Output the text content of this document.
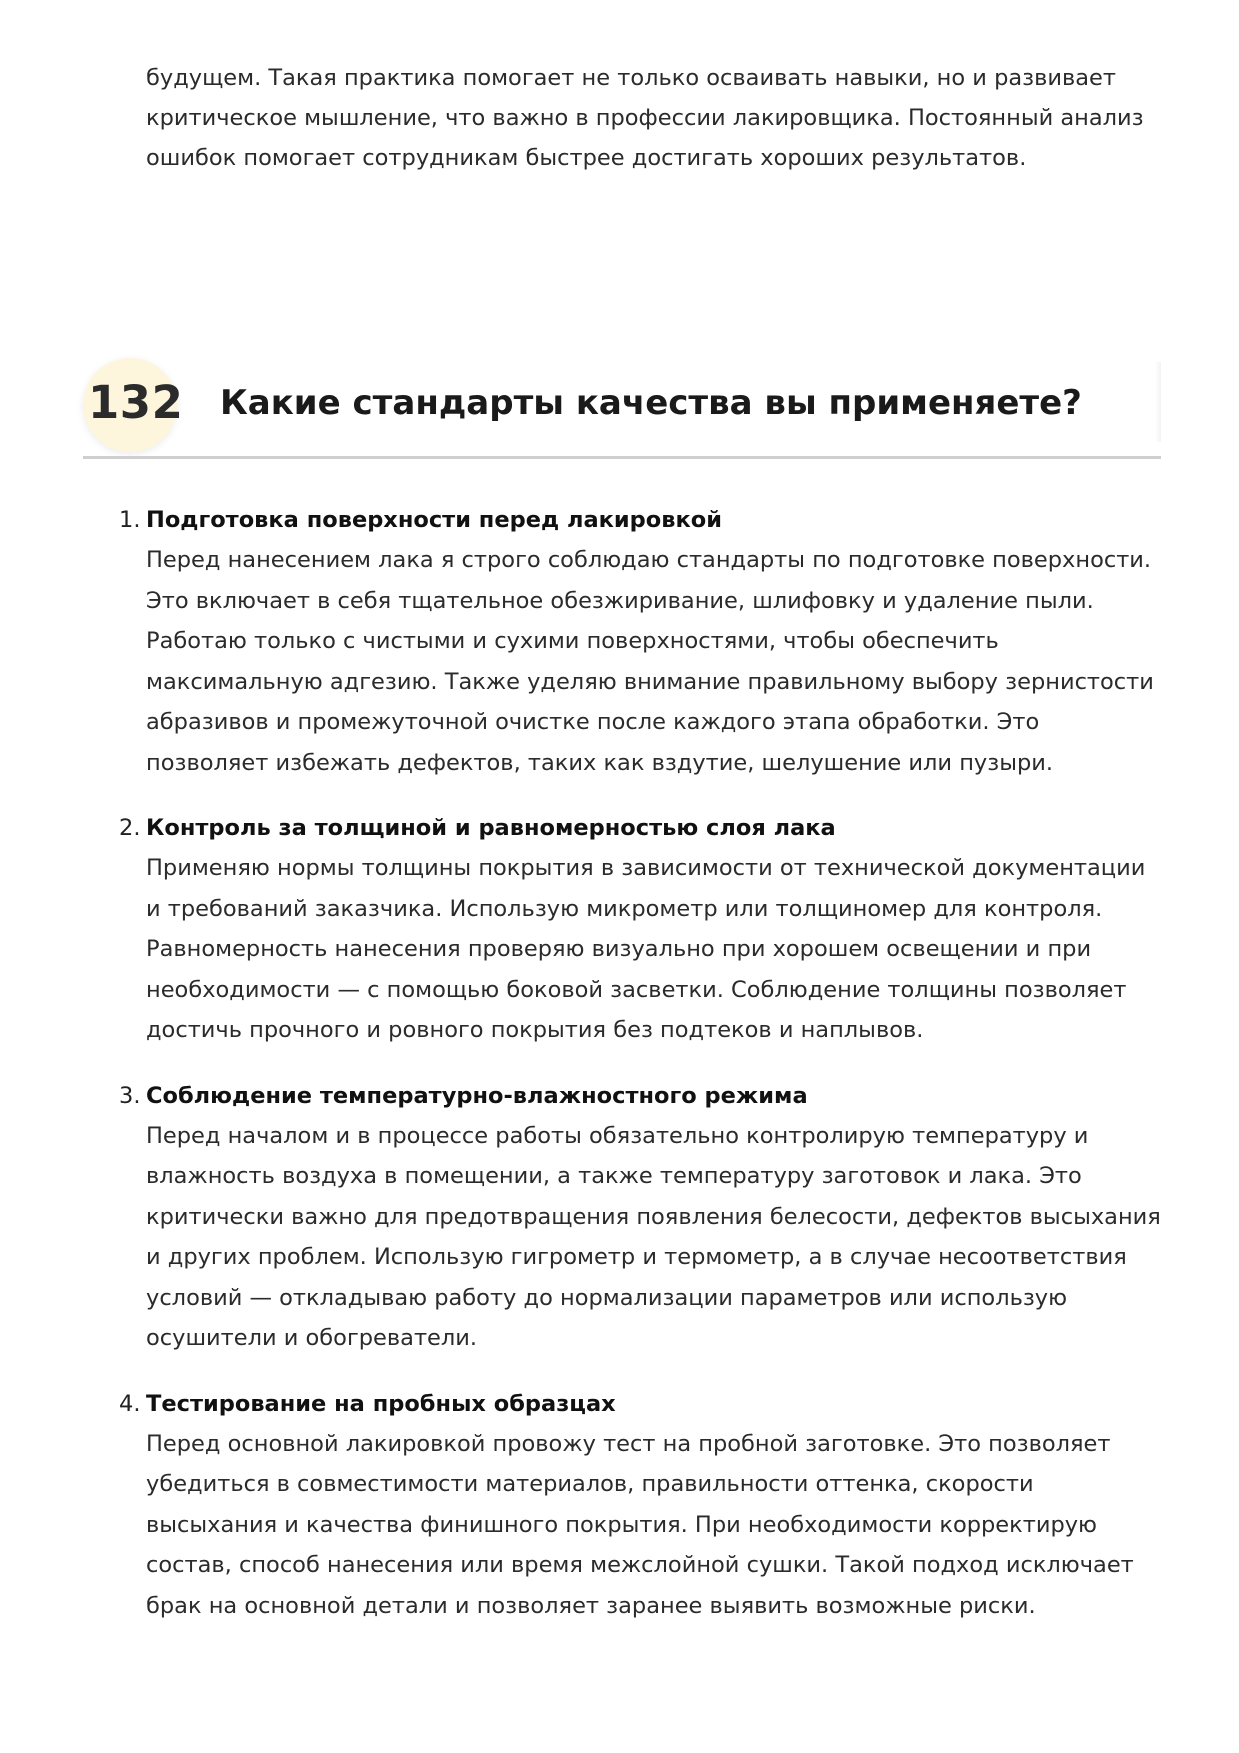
будущем. Такая практика помогает не только осваивать навыки, но и развивает критическое мышление, что важно в профессии лакировщика. Постоянный анализ ошибок помогает сотрудникам быстрее достигать хороших результатов.

132 Какие стандарты качества вы применяете?
1. Подготовка поверхности перед лакировкой

Перед нанесением лака я строго соблюдаю стандарты по подготовке поверхности. Это включает в себя тщательное обезжиривание, шлифовку и удаление пыли. Работаю только с чистыми и сухими поверхностями, чтобы обеспечить максимальную адгезию. Также уделяю внимание правильному выбору зернистости абразивов и промежуточной очистке после каждого этапа обработки. Это позволяет избежать дефектов, таких как вздутие, шелушение или пузыри.

2. Контроль за толщиной и равномерностью слоя лака

Применяю нормы толщины покрытия в зависимости от технической документации и требований заказчика. Использую микрометр или толщиномер для контроля. Равномерность нанесения проверяю визуально при хорошем освещении и при необходимости — с помощью боковой засветки. Соблюдение толщины позволяет достичь прочного и ровного покрытия без подтеков и наплывов.

3. Соблюдение температурно-влажностного режима

Перед началом и в процессе работы обязательно контролирую температуру и влажность воздуха в помещении, а также температуру заготовок и лака. Это критически важно для предотвращения появления белесости, дефектов высыхания и других проблем. Использую гигрометр и термометр, а в случае несоответствия условий — откладываю работу до нормализации параметров или использую осушители и обогреватели.

4. Тестирование на пробных образцах

Перед основной лакировкой провожу тест на пробной заготовке. Это позволяет убедиться в совместимости материалов, правильности оттенка, скорости высыхания и качества финишного покрытия. При необходимости корректирую состав, способ нанесения или время межслойной сушки. Такой подход исключает брак на основной детали и позволяет заранее выявить возможные риски.
